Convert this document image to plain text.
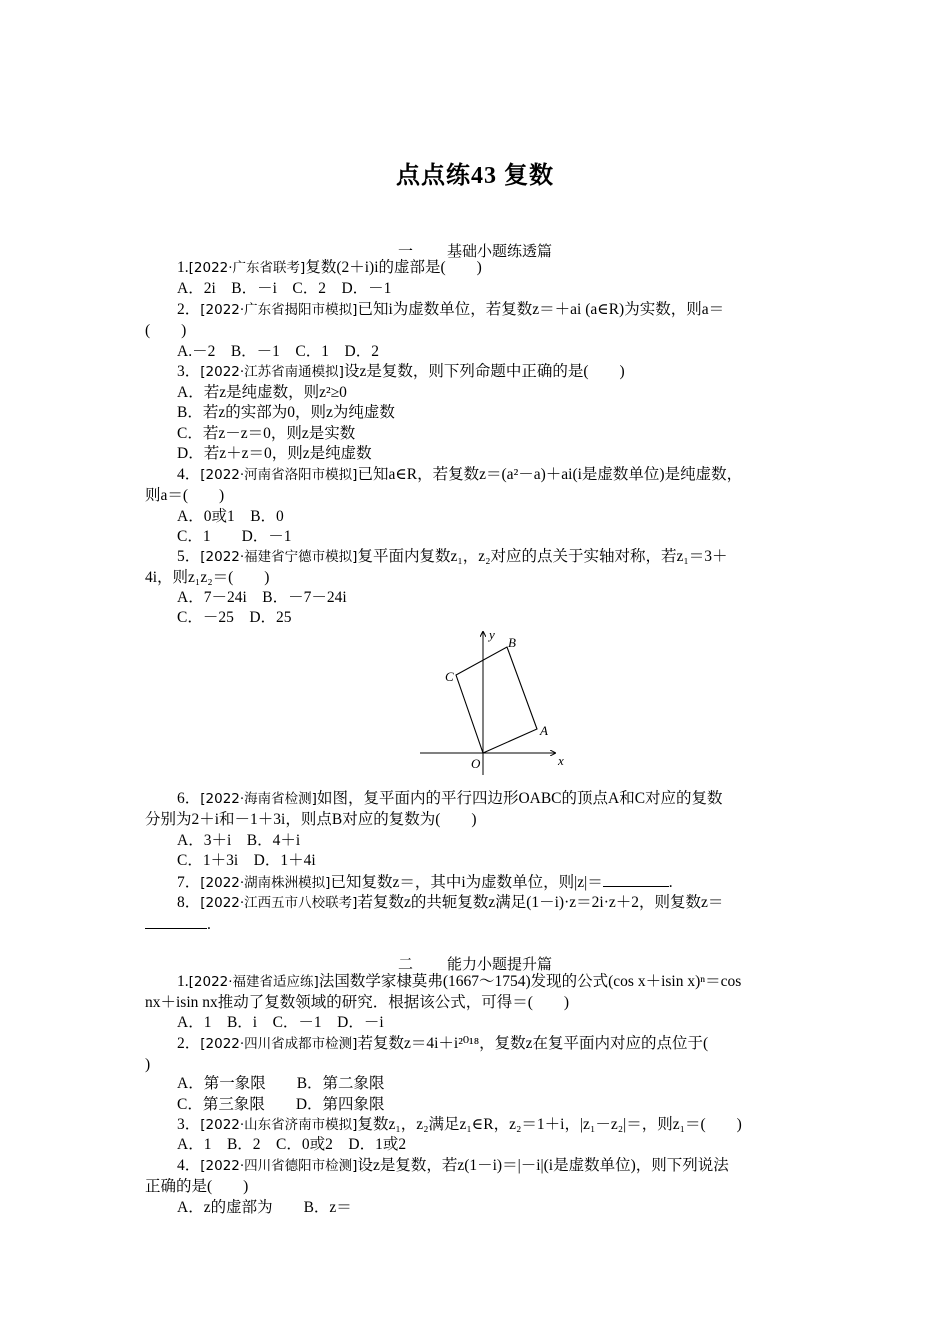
点点练43 复数
一 基础小题练透篇
1.[2022·广东省联考]复数(2＋i)i的虚部是(　　)
A．2i　B．－i　C．2　D．－1
2．[2022·广东省揭阳市模拟]已知i为虚数单位，若复数z＝＋ai (a∈R)为实数，则a＝
(　　)
A.－2　B．－1　C．1　D．2
3．[2022·江苏省南通模拟]设z是复数，则下列命题中正确的是(　　)
A．若z是纯虚数，则z²≥0
B．若z的实部为0，则z为纯虚数
C．若z－z＝0，则z是实数
D．若z＋z＝0，则z是纯虚数
4．[2022·河南省洛阳市模拟]已知a∈R，若复数z＝(a²－a)＋ai(i是虚数单位)是纯虚数，
则a＝(　　)
A．0或1　B．0
C．1　　D．－1
5．[2022·福建省宁德市模拟]复平面内复数z₁，z₂对应的点关于实轴对称，若z₁＝3＋
4i，则z₁z₂＝(　　)
A．7－24i　B．－7－24i
C．－25　D．25
x
y
O
A
B
C
6．[2022·海南省检测]如图，复平面内的平行四边形OABC的顶点A和C对应的复数
分别为2＋i和－1＋3i，则点B对应的复数为(　　)
A．3＋i　B．4＋i
C．1＋3i　D．1＋4i
7．[2022·湖南株洲模拟]已知复数z＝，其中i为虚数单位，则|z|＝	.
8．[2022·江西五市八校联考]若复数z的共轭复数z满足(1－i)·z＝2i·z＋2，则复数z＝
.
二 能力小题提升篇
1.[2022·福建省适应练]法国数学家棣莫弗(1667～1754)发现的公式(cos x＋isin x)ⁿ＝cos
nx＋isin nx推动了复数领域的研究．根据该公式，可得＝(　　)
A．1　B．i　C．－1　D．－i
2．[2022·四川省成都市检测]若复数z＝4i＋i²⁰¹⁸，复数z在复平面内对应的点位于(
)
A．第一象限　　B．第二象限
C．第三象限　　D．第四象限
3．[2022·山东省济南市模拟]复数z₁，z₂满足z₁∈R，z₂＝1＋i，|z₁－z₂|＝，则z₁＝(　　)
A．1　B．2　C．0或2　D．1或2
4．[2022·四川省德阳市检测]设z是复数，若z(1－i)＝|－i|(i是虚数单位)，则下列说法
正确的是(　　)
A．z的虚部为　　B．z＝
